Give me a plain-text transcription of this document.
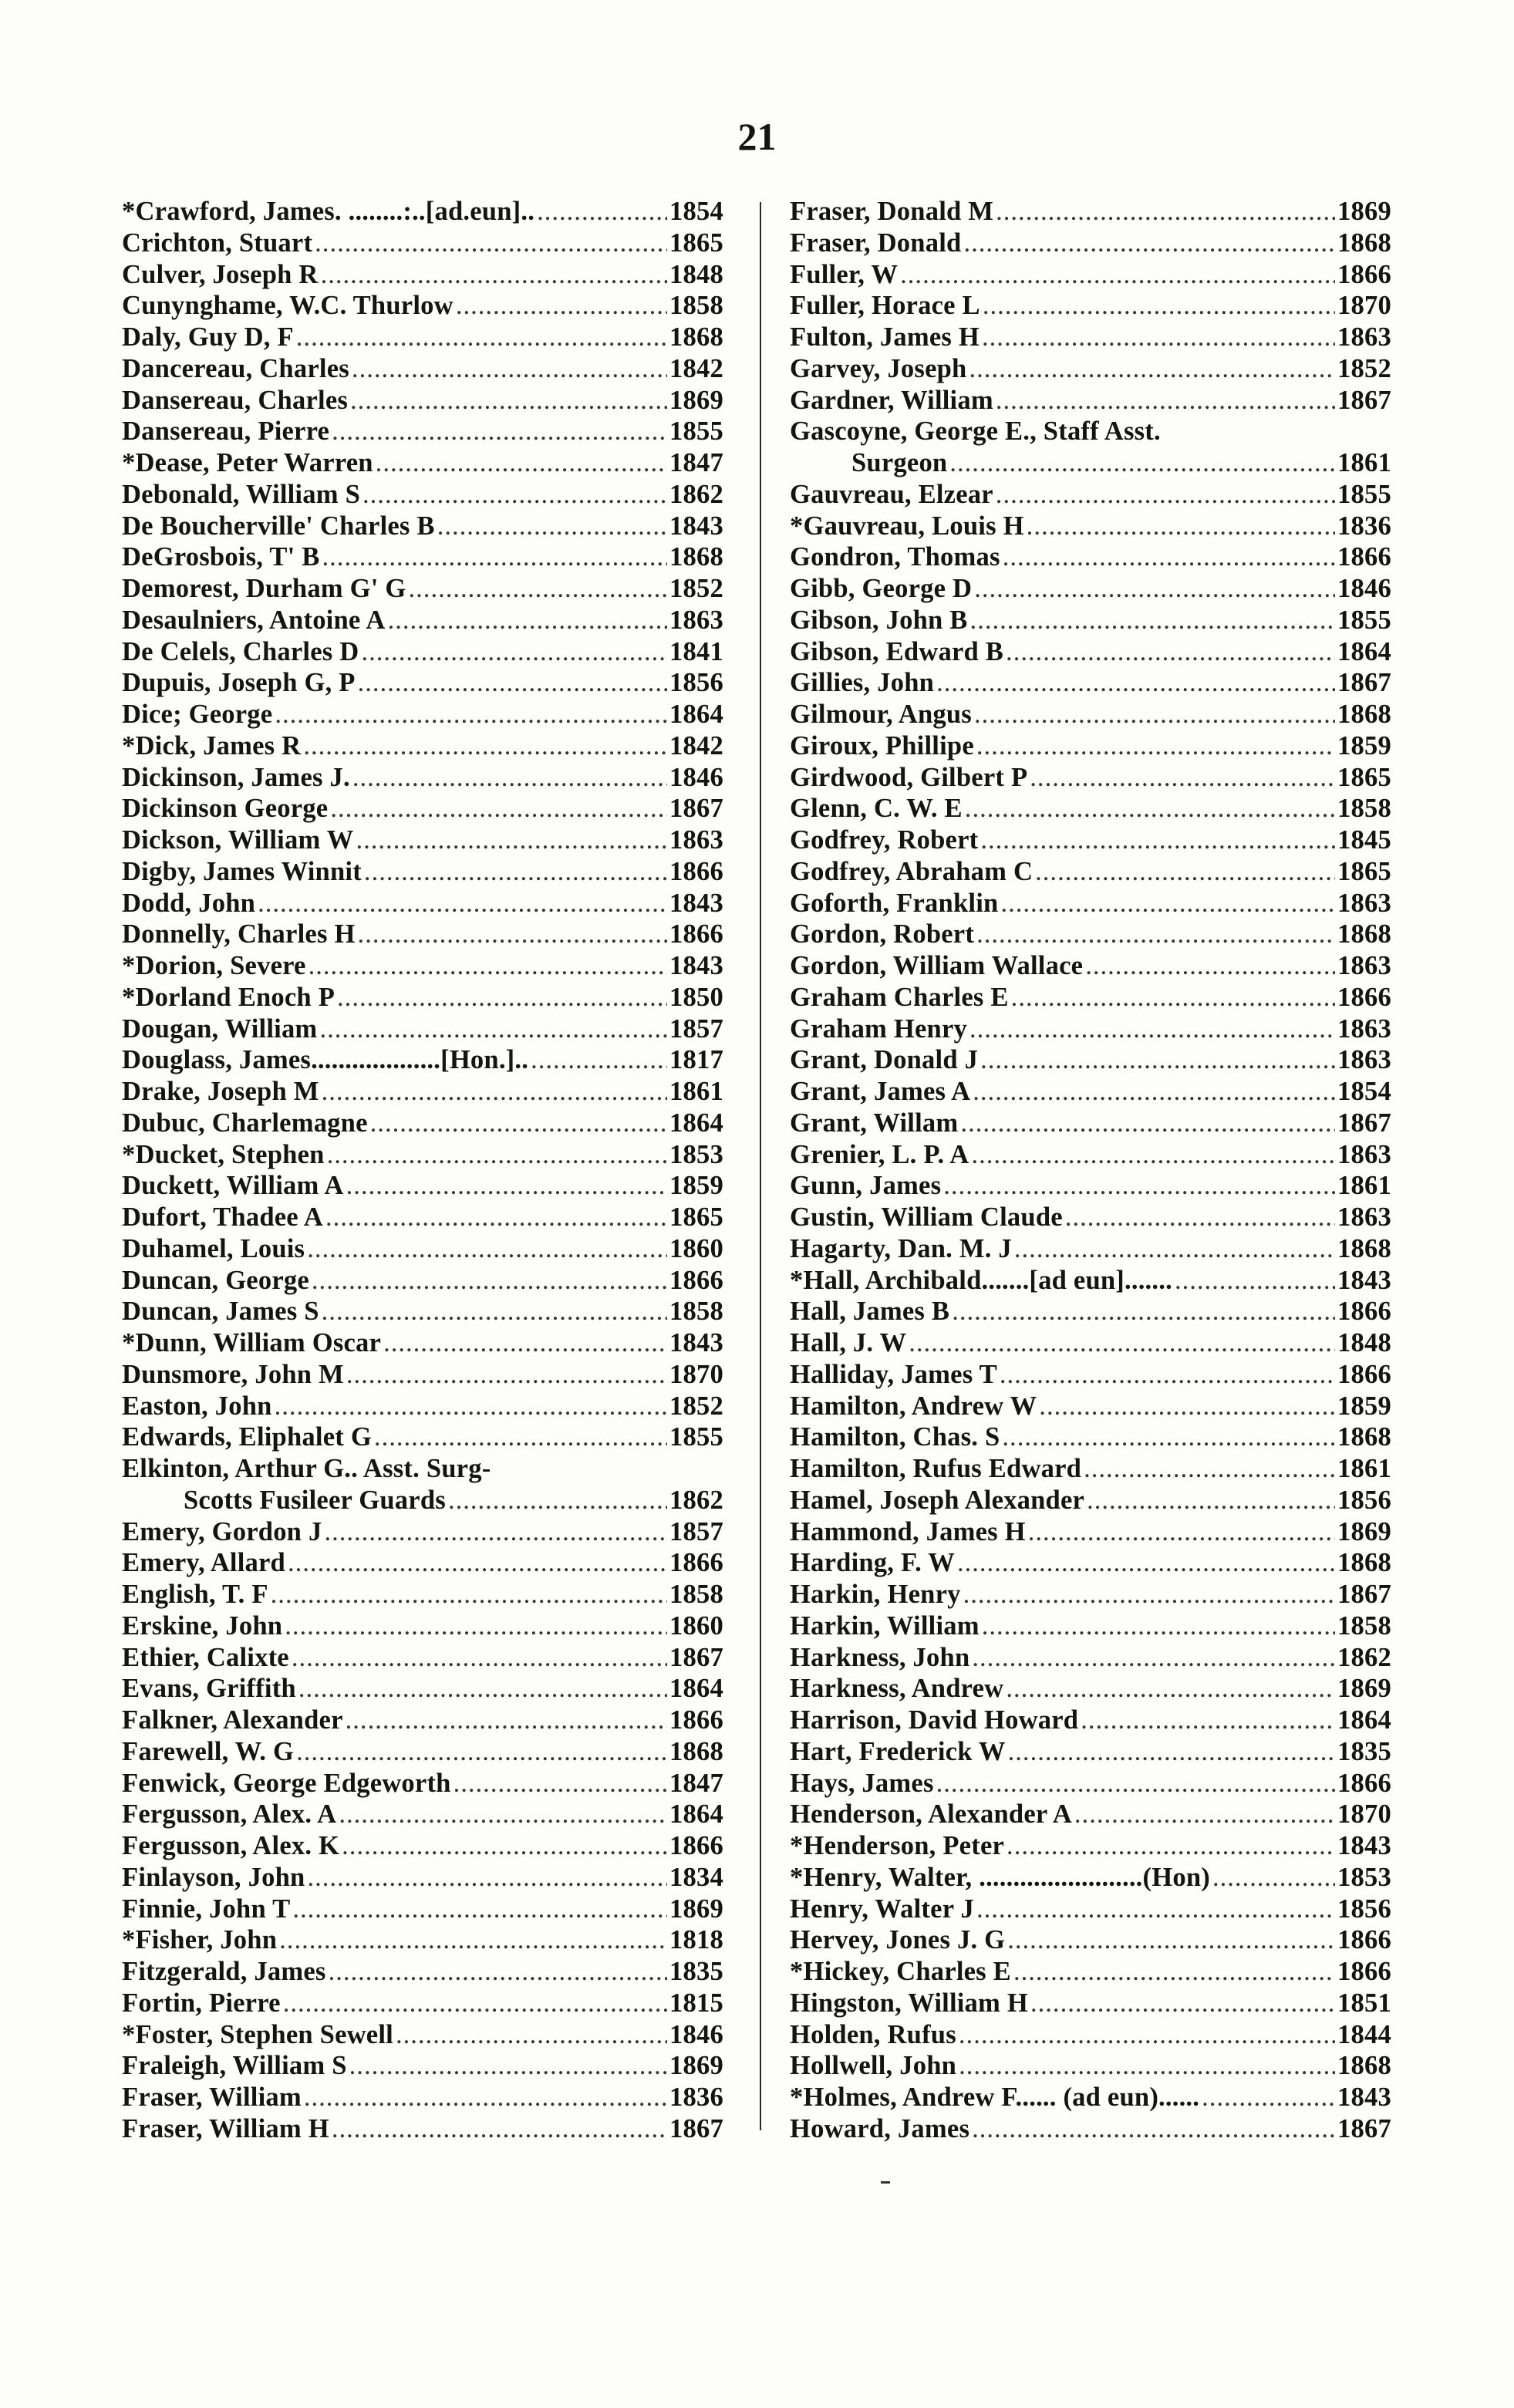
21
*Crawford, James. ........:..[ad.eun].. .....	1854
Crichton, Stuart .....	1865
Culver, Joseph R .....	1848
Cunynghame, W.C. Thurlow .....	1858
Daly, Guy D, F .....	1868
Dancereau, Charles .....	1842
Dansereau, Charles .....	1869
Dansereau, Pierre .....	1855
*Dease, Peter Warren .....	1847
Debonald, William S .....	1862
De Boucherville' Charles B .....	1843
DeGrosbois, T' B .....	1868
Demorest, Durham G' G .....	1852
Desaulniers, Antoine A .....	1863
De Celels, Charles D .....	1841
Dupuis, Joseph G, P .....	1856
Dice; George .....	1864
*Dick, James R .....	1842
Dickinson, James J. .....	1846
Dickinson George .....	1867
Dickson, William W .....	1863
Digby, James Winnit .....	1866
Dodd, John .....	1843
Donnelly, Charles H .....	1866
*Dorion, Severe .....	1843
*Dorland Enoch P .....	1850
Dougan, William .....	1857
Douglass, James...................[Hon.].. .....	1817
Drake, Joseph M .....	1861
Dubuc, Charlemagne .....	1864
*Ducket, Stephen .....	1853
Duckett, William A .....	1859
Dufort, Thadee A .....	1865
Duhamel, Louis .....	1860
Duncan, George .....	1866
Duncan, James S .....	1858
*Dunn, William Oscar .....	1843
Dunsmore, John M .....	1870
Easton, John .....	1852
Edwards, Eliphalet G .....	1855
Elkinton, Arthur G.. Asst. Surg-
Scotts Fusileer Guards .....	1862
Emery, Gordon J .....	1857
Emery, Allard .....	1866
English, T. F .....	1858
Erskine, John .....	1860
Ethier, Calixte .....	1867
Evans, Griffith .....	1864
Falkner, Alexander .....	1866
Farewell, W. G .....	1868
Fenwick, George Edgeworth .....	1847
Fergusson, Alex. A .....	1864
Fergusson, Alex. K .....	1866
Finlayson, John .....	1834
Finnie, John T .....	1869
*Fisher, John .....	1818
Fitzgerald, James .....	1835
Fortin, Pierre .....	1815
*Foster, Stephen Sewell .....	1846
Fraleigh, William S .....	1869
Fraser, William .....	1836
Fraser, William H .....	1867
Fraser, Donald M .....	1869
Fraser, Donald .....	1868
Fuller, W .....	1866
Fuller, Horace L .....	1870
Fulton, James H .....	1863
Garvey, Joseph .....	1852
Gardner, William .....	1867
Gascoyne, George E., Staff Asst.
Surgeon .....	1861
Gauvreau, Elzear .....	1855
*Gauvreau, Louis H .....	1836
Gondron, Thomas .....	1866
Gibb, George D .....	1846
Gibson, John B .....	1855
Gibson, Edward B .....	1864
Gillies, John .....	1867
Gilmour, Angus .....	1868
Giroux, Phillipe .....	1859
Girdwood, Gilbert P .....	1865
Glenn, C. W. E .....	1858
Godfrey, Robert .....	1845
Godfrey, Abraham C .....	1865
Goforth, Franklin .....	1863
Gordon, Robert .....	1868
Gordon, William Wallace .....	1863
Graham Charles E .....	1866
Graham Henry .....	1863
Grant, Donald J .....	1863
Grant, James A .....	1854
Grant, Willam .....	1867
Grenier, L. P. A .....	1863
Gunn, James .....	1861
Gustin, William Claude .....	1863
Hagarty, Dan. M. J .....	1868
*Hall, Archibald.......[ad eun]....... .....	1843
Hall, James B .....	1866
Hall, J. W .....	1848
Halliday, James T .....	1866
Hamilton, Andrew W .....	1859
Hamilton, Chas. S .....	1868
Hamilton, Rufus Edward .....	1861
Hamel, Joseph Alexander .....	1856
Hammond, James H .....	1869
Harding, F. W .....	1868
Harkin, Henry .....	1867
Harkin, William .....	1858
Harkness, John .....	1862
Harkness, Andrew .....	1869
Harrison, David Howard .....	1864
Hart, Frederick W .....	1835
Hays, James .....	1866
Henderson, Alexander A .....	1870
*Henderson, Peter .....	1843
*Henry, Walter, ........................(Hon) .....	1853
Henry, Walter J .....	1856
Hervey, Jones J. G .....	1866
*Hickey, Charles E .....	1866
Hingston, William H .....	1851
Holden, Rufus .....	1844
Hollwell, John .....	1868
*Holmes, Andrew F...... (ad eun)...... .....	1843
Howard, James .....	1867
